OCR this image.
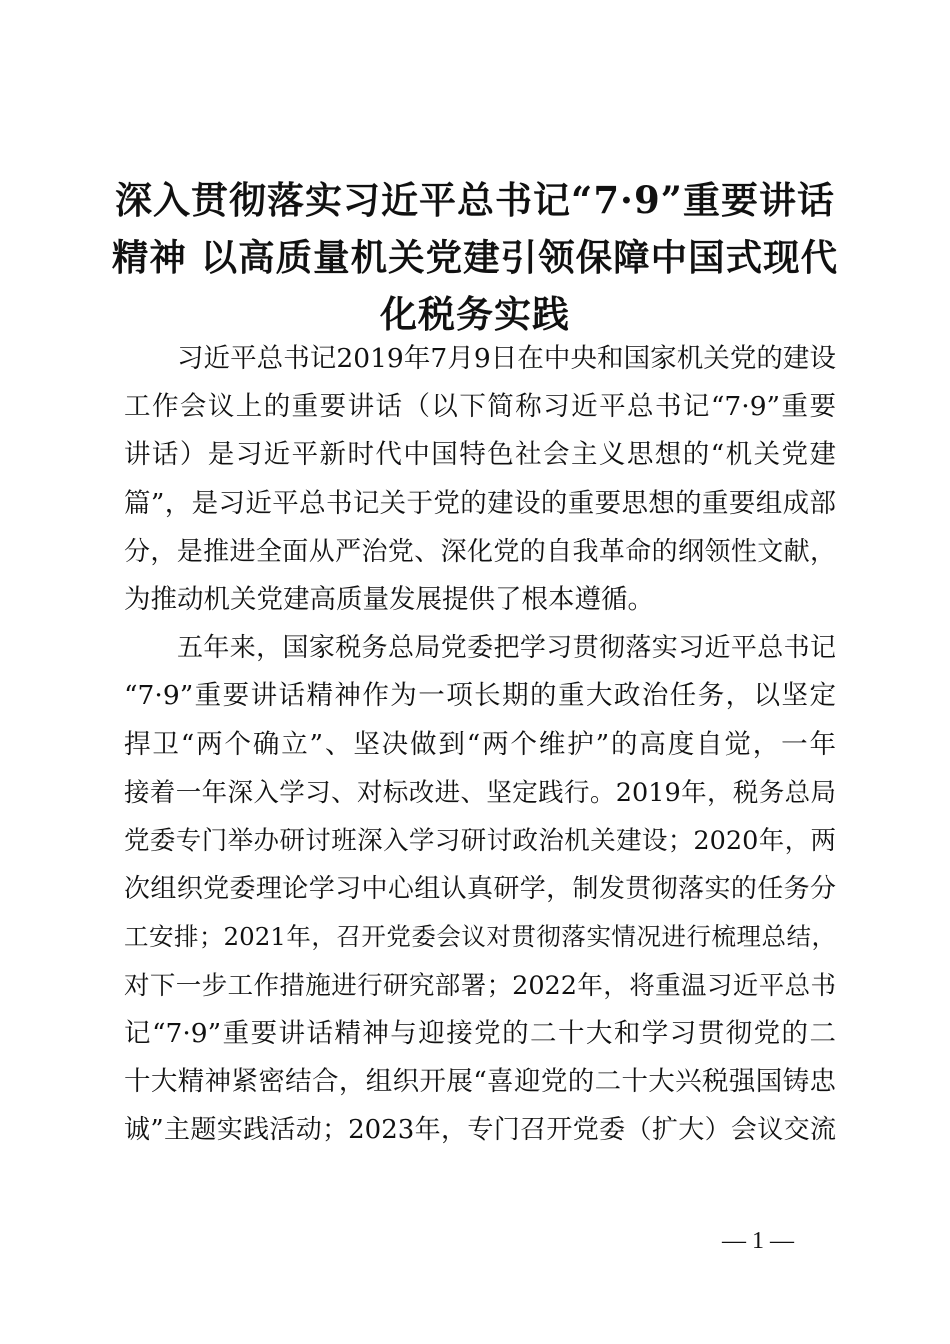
深入贯彻落实习近平总书记“7·9”重要讲话
精神 以高质量机关党建引领保障中国式现代
化税务实践
习近平总书记2019年7月9日在中央和国家机关党的建设
工作会议上的重要讲话（以下简称习近平总书记“7·9”重要
讲话）是习近平新时代中国特色社会主义思想的“机关党建
篇”，是习近平总书记关于党的建设的重要思想的重要组成部
分，是推进全面从严治党、深化党的自我革命的纲领性文献，
为推动机关党建高质量发展提供了根本遵循。
五年来，国家税务总局党委把学习贯彻落实习近平总书记
“7·9”重要讲话精神作为一项长期的重大政治任务，以坚定
捍卫“两个确立”、坚决做到“两个维护”的高度自觉，一年
接着一年深入学习、对标改进、坚定践行。2019年，税务总局
党委专门举办研讨班深入学习研讨政治机关建设；2020年，两
次组织党委理论学习中心组认真研学，制发贯彻落实的任务分
工安排；2021年，召开党委会议对贯彻落实情况进行梳理总结，
对下一步工作措施进行研究部署；2022年，将重温习近平总书
记“7·9”重要讲话精神与迎接党的二十大和学习贯彻党的二
十大精神紧密结合，组织开展“喜迎党的二十大兴税强国铸忠
诚”主题实践活动；2023年，专门召开党委（扩大）会议交流
— 1 —
